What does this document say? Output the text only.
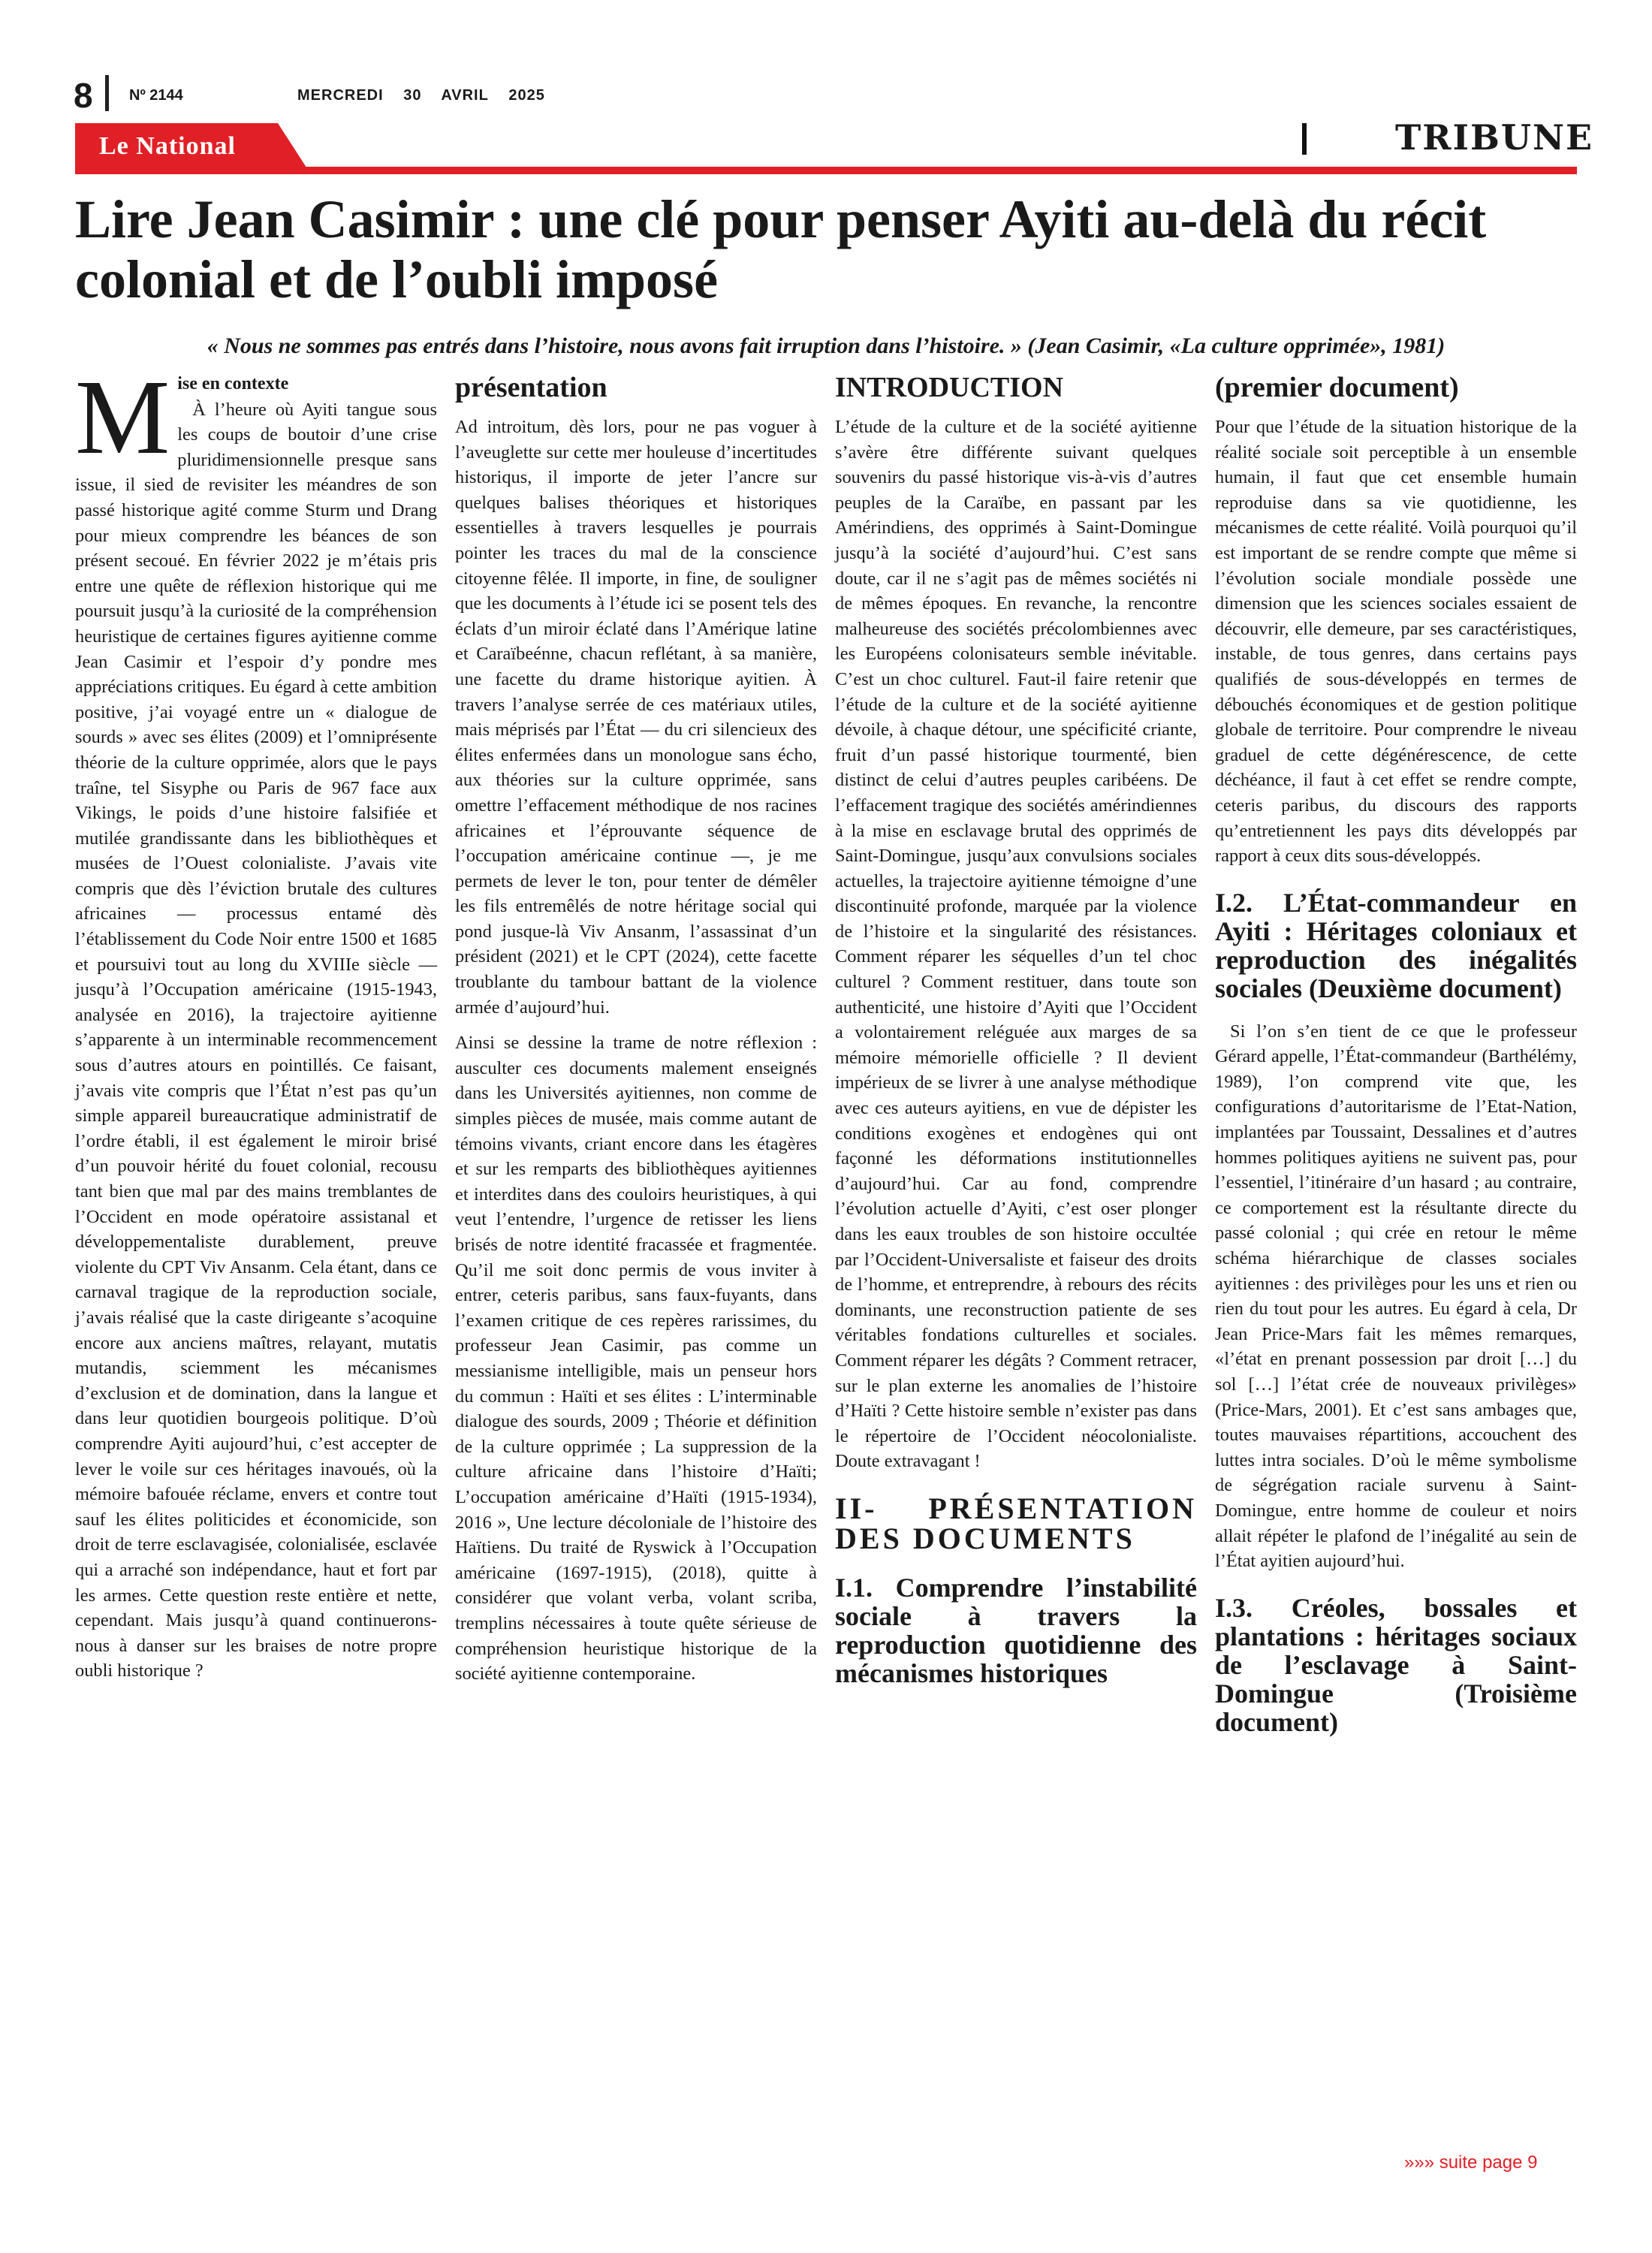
8 Nº 2144	MERCREDI 30 AVRIL 2025
Le National	TRIBUNE
Lire Jean Casimir : une clé pour penser Ayiti au-delà du récit colonial et de l’oubli imposé
« Nous ne sommes pas entrés dans l’histoire, nous avons fait irruption dans l’histoire. » (Jean Casimir, «La culture opprimée», 1981)
M ise en contexte

À l’heure où Ayiti tangue sous les coups de boutoir d’une crise pluridimensionnelle presque sans issue, il sied de revisiter les méandres de son passé historique agité comme Sturm und Drang pour mieux comprendre les béances de son présent secoué. En février 2022 je m’étais pris entre une quête de réflexion historique qui me poursuit jusqu’à la curiosité de la compréhension heuristique de certaines figures ayitienne comme Jean Casimir et l’espoir d’y pondre mes appréciations critiques. Eu égard à cette ambition positive, j’ai voyagé entre un « dialogue de sourds » avec ses élites (2009) et l’omniprésente théorie de la culture opprimée, alors que le pays traîne, tel Sisyphe ou Paris de 967 face aux Vikings, le poids d’une histoire falsifiée et mutilée grandissante dans les bibliothèques et musées de l’Ouest colonialiste. J’avais vite compris que dès l’éviction brutale des cultures africaines — processus entamé dès l’établissement du Code Noir entre 1500 et 1685 et poursuivi tout au long du XVIIIe siècle — jusqu’à l’Occupation américaine (1915-1943, analysée en 2016), la trajectoire ayitienne s’apparente à un interminable recommencement sous d’autres atours en pointillés. Ce faisant, j’avais vite compris que l’État n’est pas qu’un simple appareil bureaucratique administratif de l’ordre établi, il est également le miroir brisé d’un pouvoir hérité du fouet colonial, recousu tant bien que mal par des mains tremblantes de l’Occident en mode opératoire assistanal et développementaliste durablement, preuve violente du CPT Viv Ansanm. Cela étant, dans ce carnaval tragique de la reproduction sociale, j’avais réalisé que la caste dirigeante s’acoquine encore aux anciens maîtres, relayant, mutatis mutandis, sciemment les mécanismes d’exclusion et de domination, dans la langue et dans leur quotidien bourgeois politique. D’où comprendre Ayiti aujourd’hui, c’est accepter de lever le voile sur ces héritages inavoués, où la mémoire bafouée réclame, envers et contre tout sauf les élites politicides et économicide, son droit de terre esclavagisée, colonialisée, esclavée qui a arraché son indépendance, haut et fort par les armes. Cette question reste entière et nette, cependant. Mais jusqu’à quand continuerons-nous à danser sur les braises de notre propre oubli historique ?

présentation

Ad introitum, dès lors, pour ne pas voguer à l’aveuglette sur cette mer houleuse d’incertitudes historiqus, il importe de jeter l’ancre sur quelques balises théoriques et historiques essentielles à travers lesquelles je pourrais pointer les traces du mal de la conscience citoyenne fêlée. Il importe, in fine, de souligner que les documents à l’étude ici se posent tels des éclats d’un miroir éclaté dans l’Amérique latine et Caraïbeénne, chacun reflétant, à sa manière, une facette du drame historique ayitien. À travers l’analyse serrée de ces matériaux utiles, mais méprisés par l’État — du cri silencieux des élites enfermées dans un monologue sans écho, aux théories sur la culture opprimée, sans omettre l’effacement méthodique de nos racines africaines et l’éprouvante séquence de l’occupation américaine continue —, je me permets de lever le ton, pour tenter de démêler les fils entremêlés de notre héritage social qui pond jusque-là Viv Ansanm, l’assassinat d’un président (2021) et le CPT (2024), cette facette troublante du tambour battant de la violence armée d’aujourd’hui.

Ainsi se dessine la trame de notre réflexion : ausculter ces documents malement enseignés dans les Universités ayitiennes, non comme de simples pièces de musée, mais comme autant de témoins vivants, criant encore dans les étagères et sur les remparts des bibliothèques ayitiennes et interdites dans des couloirs heuristiques, à qui veut l’entendre, l’urgence de retisser les liens brisés de notre identité fracassée et fragmentée. Qu’il me soit donc permis de vous inviter à entrer, ceteris paribus, sans faux-fuyants, dans l’examen critique de ces repères rarissimes, du professeur Jean Casimir, pas comme un messianisme intelligible, mais un penseur hors du commun : Haïti et ses élites : L’interminable dialogue des sourds, 2009 ; Théorie et définition de la culture opprimée ; La suppression de la culture africaine dans l’histoire d’Haïti; L’occupation américaine d’Haïti (1915-1934), 2016 », Une lecture décoloniale de l’histoire des Haïtiens. Du traité de Ryswick à l’Occupation américaine (1697-1915), (2018), quitte à considérer que volant verba, volant scriba, tremplins nécessaires à toute quête sérieuse de compréhension heuristique historique de la société ayitienne contemporaine.

INTRODUCTION

L’étude de la culture et de la société ayitienne s’avère être différente suivant quelques souvenirs du passé historique vis-à-vis d’autres peuples de la Caraïbe, en passant par les Amérindiens, des opprimés à Saint-Domingue jusqu’à la société d’aujourd’hui. C’est sans doute, car il ne s’agit pas de mêmes sociétés ni de mêmes époques. En revanche, la rencontre malheureuse des sociétés précolombiennes avec les Européens colonisateurs semble inévitable. C’est un choc culturel. Faut-il faire retenir que l’étude de la culture et de la société ayitienne dévoile, à chaque détour, une spécificité criante, fruit d’un passé historique tourmenté, bien distinct de celui d’autres peuples caribéens. De l’effacement tragique des sociétés amérindiennes à la mise en esclavage brutal des opprimés de Saint-Domingue, jusqu’aux convulsions sociales actuelles, la trajectoire ayitienne témoigne d’une discontinuité profonde, marquée par la violence de l’histoire et la singularité des résistances. Comment réparer les séquelles d’un tel choc culturel ? Comment restituer, dans toute son authenticité, une histoire d’Ayiti que l’Occident a volontairement reléguée aux marges de sa mémoire mémorielle officielle ? Il devient impérieux de se livrer à une analyse méthodique avec ces auteurs ayitiens, en vue de dépister les conditions exogènes et endogènes qui ont façonné les déformations institutionnelles d’aujourd’hui. Car au fond, comprendre l’évolution actuelle d’Ayiti, c’est oser plonger dans les eaux troubles de son histoire occultée par l’Occident-Universaliste et faiseur des droits de l’homme, et entreprendre, à rebours des récits dominants, une reconstruction patiente de ses véritables fondations culturelles et sociales. Comment réparer les dégâts ? Comment retracer, sur le plan externe les anomalies de l’histoire d’Haïti ? Cette histoire semble n’exister pas dans le répertoire de l’Occident néocolonialiste. Doute extravagant !

II- PRÉSENTATION DES DOCUMENTS
I.1. Comprendre l’instabilité sociale à travers la reproduction quotidienne des mécanismes historiques
(premier document)

Pour que l’étude de la situation historique de la réalité sociale soit perceptible à un ensemble humain, il faut que cet ensemble humain reproduise dans sa vie quotidienne, les mécanismes de cette réalité. Voilà pourquoi qu’il est important de se rendre compte que même si l’évolution sociale mondiale possède une dimension que les sciences sociales essaient de découvrir, elle demeure, par ses caractéristiques, instable, de tous genres, dans certains pays qualifiés de sous-développés en termes de débouchés économiques et de gestion politique globale de territoire. Pour comprendre le niveau graduel de cette dégénérescence, de cette déchéance, il faut à cet effet se rendre compte, ceteris paribus, du discours des rapports qu’entretiennent les pays dits développés par rapport à ceux dits sous-développés.

I.2. L’État-commandeur en Ayiti : Héritages coloniaux et reproduction des inégalités sociales (Deuxième document)

Si l’on s’en tient de ce que le professeur Gérard appelle, l’État-commandeur (Barthélémy, 1989), l’on comprend vite que, les configurations d’autoritarisme de l’Etat-Nation, implantées par Toussaint, Dessalines et d’autres hommes politiques ayitiens ne suivent pas, pour l’essentiel, l’itinéraire d’un hasard ; au contraire, ce comportement est la résultante directe du passé colonial ; qui crée en retour le même schéma hiérarchique de classes sociales ayitiennes : des privilèges pour les uns et rien ou rien du tout pour les autres. Eu égard à cela, Dr Jean Price-Mars fait les mêmes remarques, «l’état en prenant possession par droit […] du sol […] l’état crée de nouveaux privilèges» (Price-Mars, 2001). Et c’est sans ambages que, toutes mauvaises répartitions, accouchent des luttes intra sociales. D’où le même symbolisme de ségrégation raciale survenu à Saint-Domingue, entre homme de couleur et noirs allait répéter le plafond de l’inégalité au sein de l’État ayitien aujourd’hui.

I.3. Créoles, bossales et plantations : héritages sociaux de l’esclavage à Saint-Domingue (Troisième document)
»»» suite page 9
